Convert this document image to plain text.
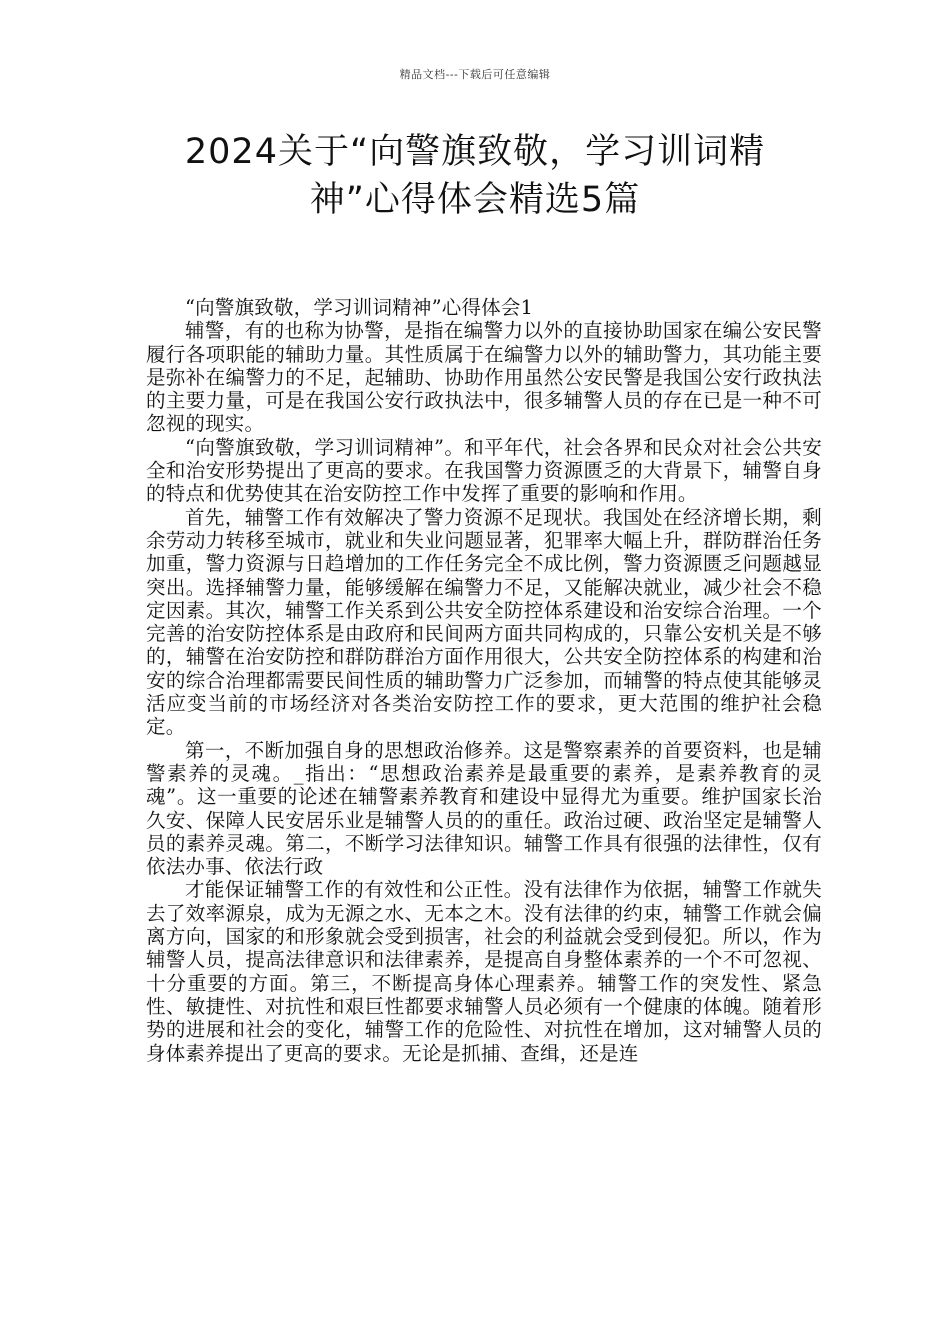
精品文档---下载后可任意编辑
2024关于“向警旗致敬，学习训词精
神”心得体会精选5篇

“向警旗致敬，学习训词精神”心得体会1

辅警，有的也称为协警，是指在编警力以外的直接协助国家在编公安民警履行各项职能的辅助力量。其性质属于在编警力以外的辅助警力，其功能主要是弥补在编警力的不足，起辅助、协助作用虽然公安民警是我国公安行政执法的主要力量，可是在我国公安行政执法中，很多辅警人员的存在已是一种不可忽视的现实。

“向警旗致敬，学习训词精神”。和平年代，社会各界和民众对社会公共安全和治安形势提出了更高的要求。在我国警力资源匮乏的大背景下，辅警自身的特点和优势使其在治安防控工作中发挥了重要的影响和作用。

首先，辅警工作有效解决了警力资源不足现状。我国处在经济增长期，剩余劳动力转移至城市，就业和失业问题显著，犯罪率大幅上升，群防群治任务加重，警力资源与日趋增加的工作任务完全不成比例，警力资源匮乏问题越显突出。选择辅警力量，能够缓解在编警力不足，又能解决就业，减少社会不稳定因素。其次，辅警工作关系到公共安全防控体系建设和治安综合治理。一个完善的治安防控体系是由政府和民间两方面共同构成的，只靠公安机关是不够的，辅警在治安防控和群防群治方面作用很大，公共安全防控体系的构建和治安的综合治理都需要民间性质的辅助警力广泛参加，而辅警的特点使其能够灵活应变当前的市场经济对各类治安防控工作的要求，更大范围的维护社会稳定。

第一，不断加强自身的思想政治修养。这是警察素养的首要资料，也是辅警素养的灵魂。_指出：“思想政治素养是最重要的素养，是素养教育的灵魂”。这一重要的论述在辅警素养教育和建设中显得尤为重要。维护国家长治久安、保障人民安居乐业是辅警人员的的重任。政治过硬、政治坚定是辅警人员的素养灵魂。第二，不断学习法律知识。辅警工作具有很强的法律性，仅有依法办事、依法行政

才能保证辅警工作的有效性和公正性。没有法律作为依据，辅警工作就失去了效率源泉，成为无源之水、无本之木。没有法律的约束，辅警工作就会偏离方向，国家的和形象就会受到损害，社会的利益就会受到侵犯。所以，作为辅警人员，提高法律意识和法律素养，是提高自身整体素养的一个不可忽视、十分重要的方面。第三，不断提高身体心理素养。辅警工作的突发性、紧急性、敏捷性、对抗性和艰巨性都要求辅警人员必须有一个健康的体魄。随着形势的进展和社会的变化，辅警工作的危险性、对抗性在增加，这对辅警人员的身体素养提出了更高的要求。无论是抓捕、查缉，还是连
